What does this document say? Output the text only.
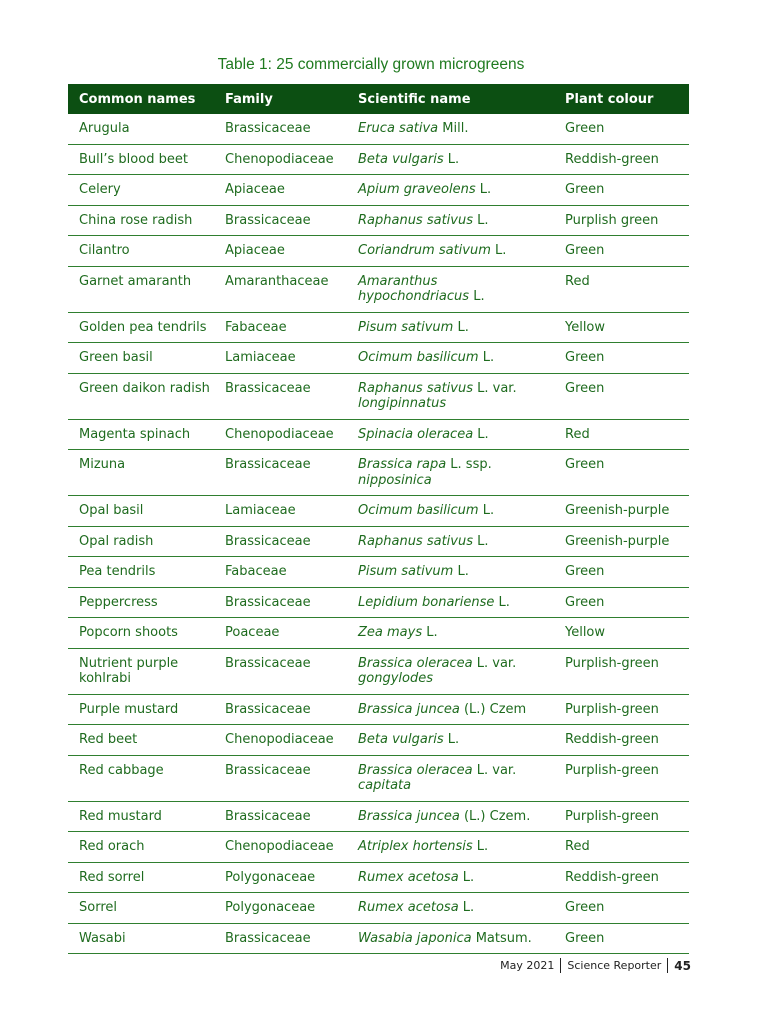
Table 1: 25 commercially grown microgreens
Common names	Family	Scientific name	Plant colour
Arugula	Brassicaceae	Eruca sativa Mill.	Green
Bull’s blood beet	Chenopodiaceae	Beta vulgaris L.	Reddish-green
Celery	Apiaceae	Apium graveolens L.	Green
China rose radish	Brassicaceae	Raphanus sativus L.	Purplish green
Cilantro	Apiaceae	Coriandrum sativum L.	Green
Garnet amaranth	Amaranthaceae	Amaranthus hypochondriacus L.	Red
Golden pea tendrils	Fabaceae	Pisum sativum L.	Yellow
Green basil	Lamiaceae	Ocimum basilicum L.	Green
Green daikon radish	Brassicaceae	Raphanus sativus L. var. longipinnatus	Green
Magenta spinach	Chenopodiaceae	Spinacia oleracea L.	Red
Mizuna	Brassicaceae	Brassica rapa L. ssp. nipposinica	Green
Opal basil	Lamiaceae	Ocimum basilicum L.	Greenish-purple
Opal radish	Brassicaceae	Raphanus sativus L.	Greenish-purple
Pea tendrils	Fabaceae	Pisum sativum L.	Green
Peppercress	Brassicaceae	Lepidium bonariense L.	Green
Popcorn shoots	Poaceae	Zea mays L.	Yellow
Nutrient purple kohlrabi	Brassicaceae	Brassica oleracea L. var. gongylodes	Purplish-green
Purple mustard	Brassicaceae	Brassica juncea (L.) Czem	Purplish-green
Red beet	Chenopodiaceae	Beta vulgaris L.	Reddish-green
Red cabbage	Brassicaceae	Brassica oleracea L. var. capitata	Purplish-green
Red mustard	Brassicaceae	Brassica juncea (L.) Czem.	Purplish-green
Red orach	Chenopodiaceae	Atriplex hortensis L.	Red
Red sorrel	Polygonaceae	Rumex acetosa L.	Reddish-green
Sorrel	Polygonaceae	Rumex acetosa L.	Green
Wasabi	Brassicaceae	Wasabia japonica Matsum.	Green
May 2021 Science Reporter 45
